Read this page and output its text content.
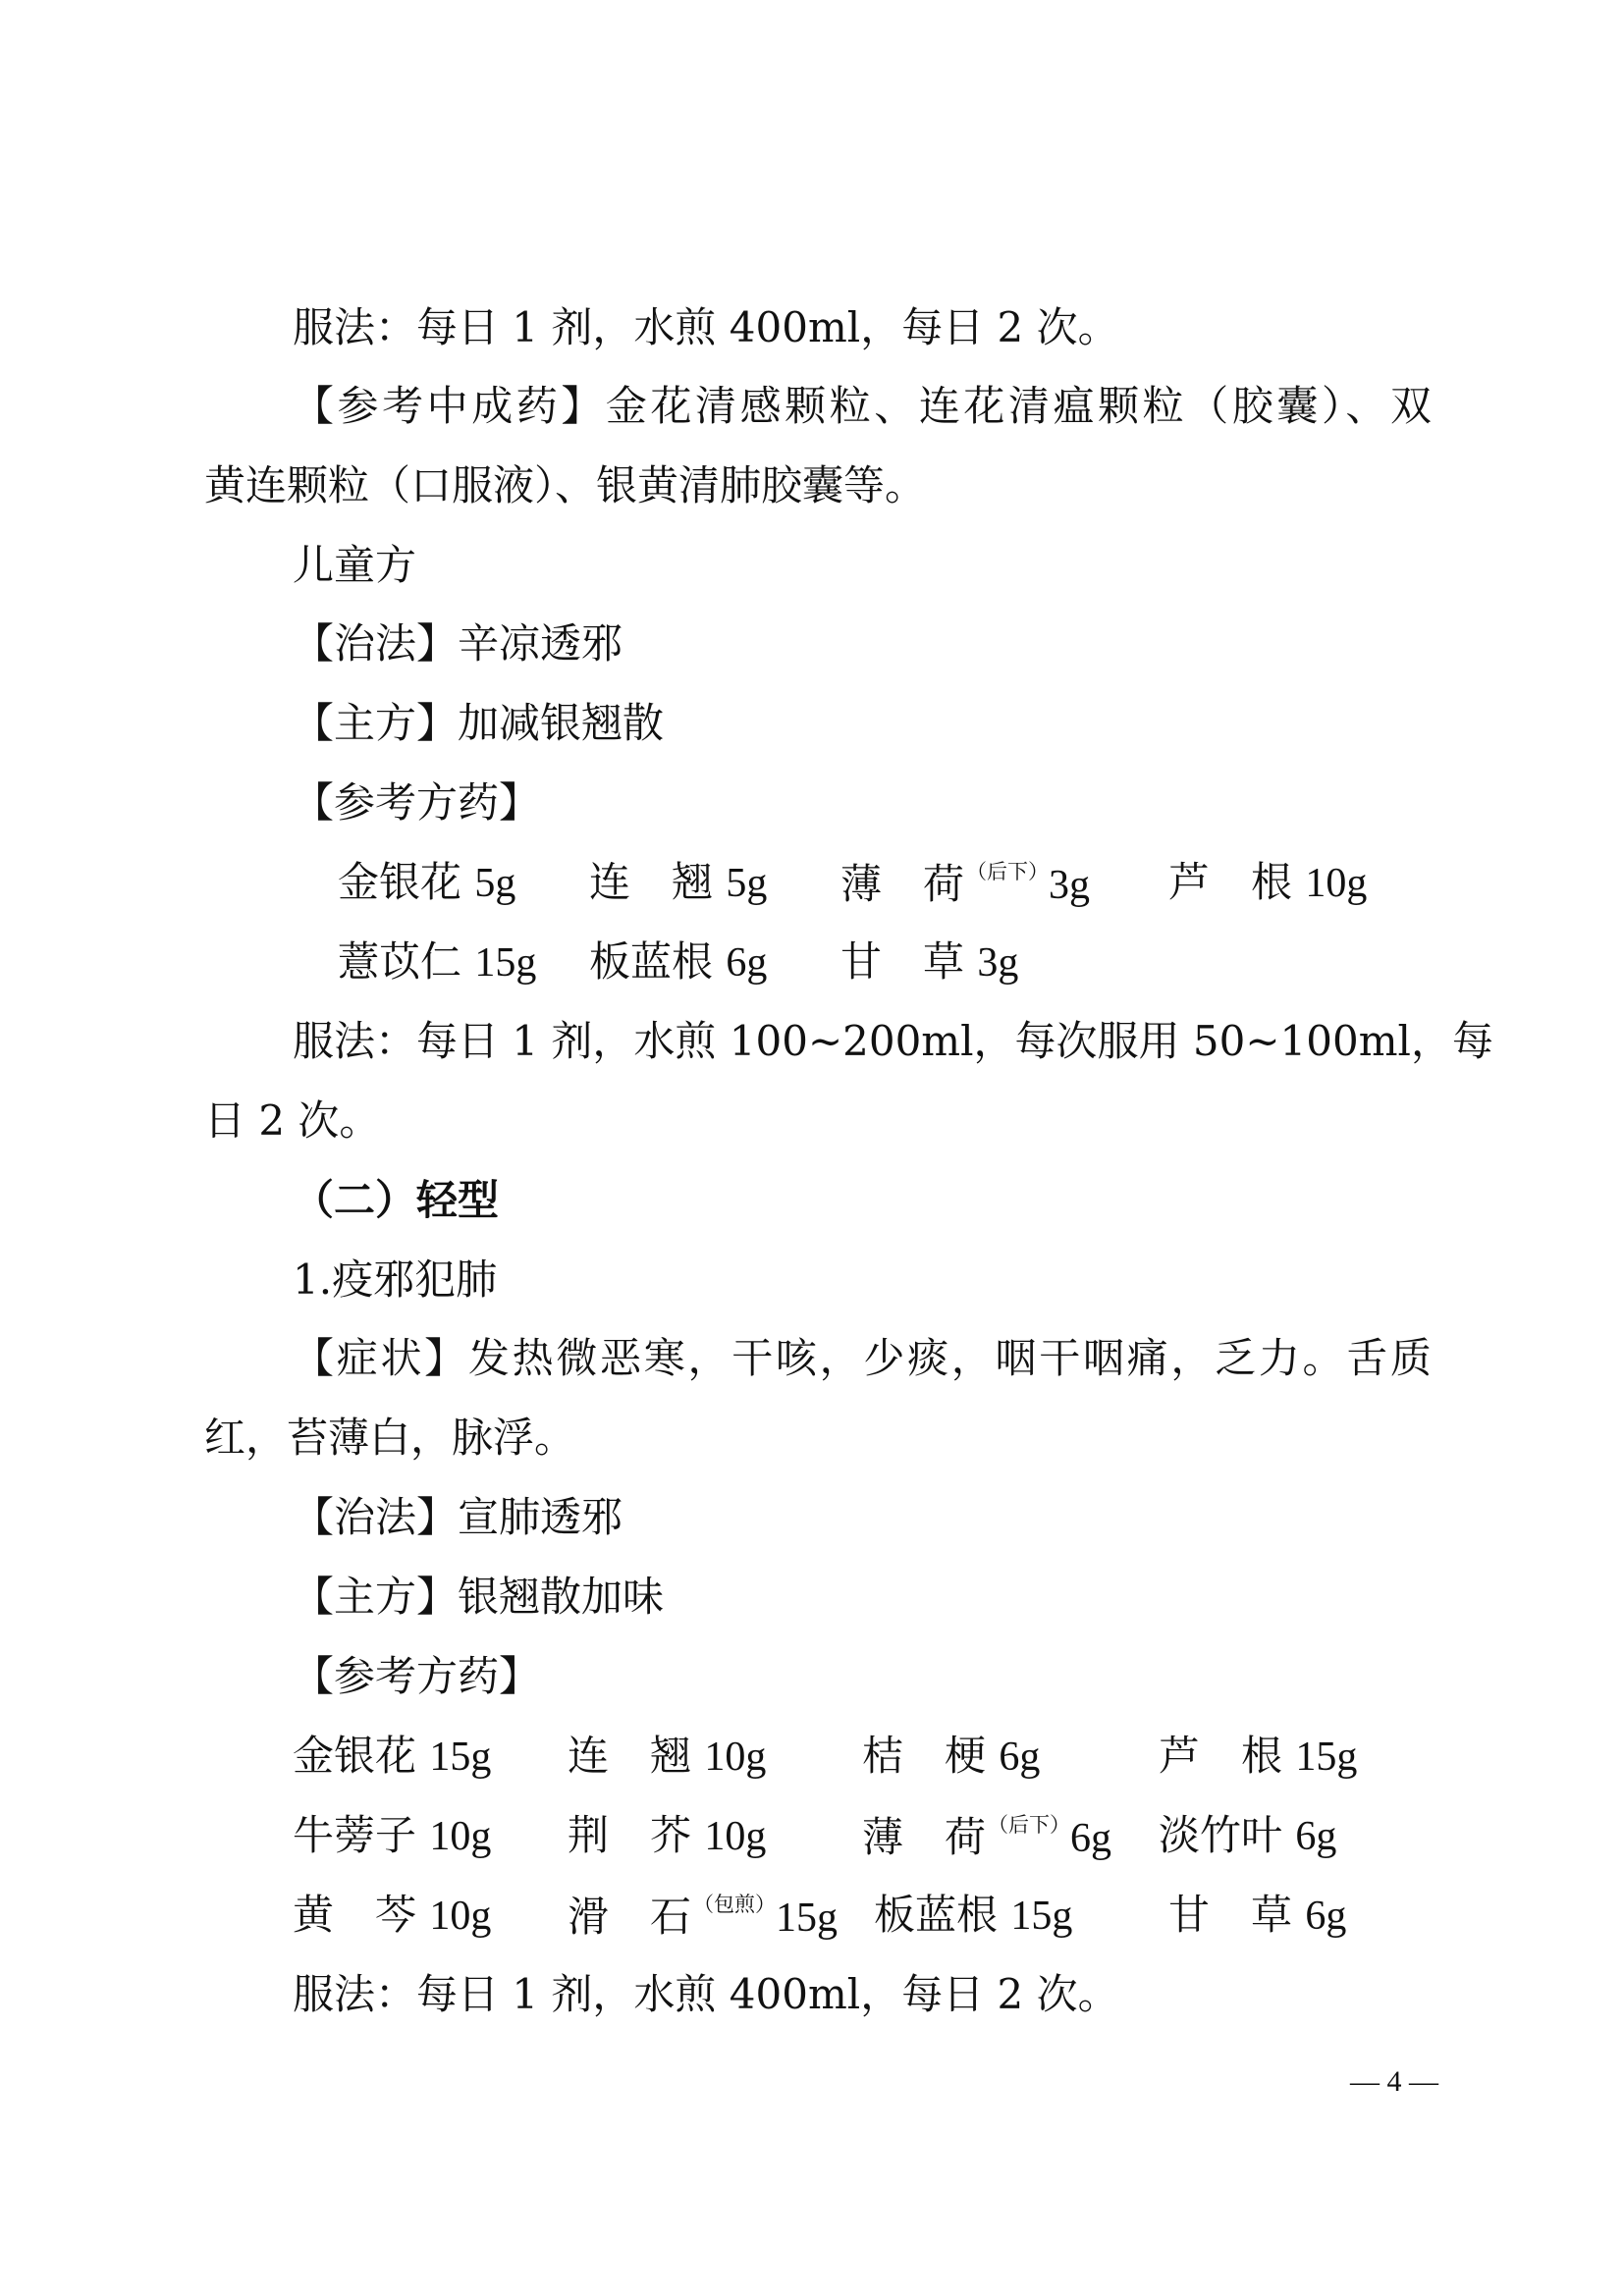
服法：每日 1 剂，水煎 400ml，每日 2 次。
【参考中成药】金花清感颗粒、连花清瘟颗粒（胶囊）、双
黄连颗粒（口服液）、银黄清肺胶囊等。
儿童方
【治法】辛凉透邪
【主方】加减银翘散
【参考方药】
金银花 5g 连　翘 5g 薄　荷$^{(后下)}$3g 芦　根 10g
薏苡仁 15g 板蓝根 6g 甘　草 3g
服法：每日 1 剂，水煎 100~200ml，每次服用 50~100ml，每
日 2 次。
（二）轻型
1.疫邪犯肺
【症状】发热微恶寒，干咳，少痰，咽干咽痛，乏力。舌质
红，苔薄白，脉浮。
【治法】宣肺透邪
【主方】银翘散加味
【参考方药】
金银花 15g 连　翘 10g 桔　梗 6g	芦　根 15g
牛蒡子 10g 荆　芥 10g 薄　荷$^{(后下)}$6g 淡竹叶 6g
黄　芩 10g 滑　石$^{(包煎)}$15g 板蓝根 15g 甘　草 6g
服法：每日 1 剂，水煎 400ml，每日 2 次。
— 4 —
